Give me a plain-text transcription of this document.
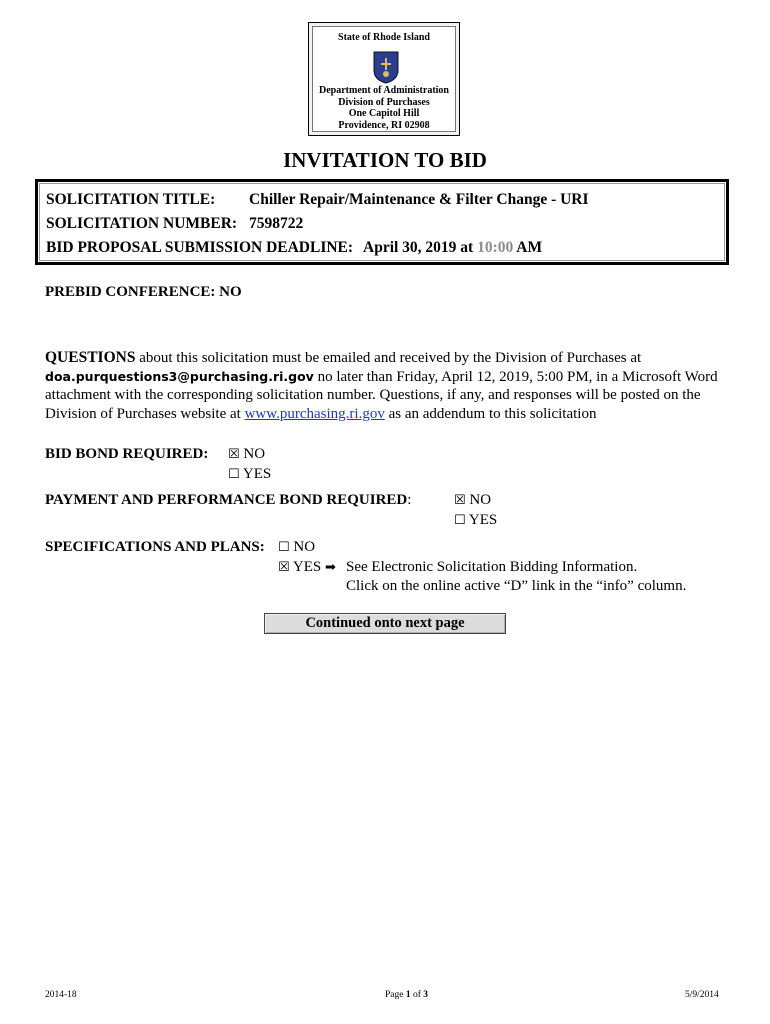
State of Rhode Island
Department of Administration
Division of Purchases
One Capitol Hill
Providence, RI 02908
INVITATION TO BID
SOLICITATION TITLE: Chiller Repair/Maintenance & Filter Change - URI
SOLICITATION NUMBER: 7598722
BID PROPOSAL SUBMISSION DEADLINE: April 30, 2019 at 10:00 AM
PREBID CONFERENCE: NO
QUESTIONS about this solicitation must be emailed and received by the Division of Purchases at
doa.purquestions3@purchasing.ri.gov no later than Friday, April 12, 2019, 5:00 PM, in a Microsoft Word
attachment with the corresponding solicitation number. Questions, if any, and responses will be posted on the
Division of Purchases website at www.purchasing.ri.gov as an addendum to this solicitation
BID BOND REQUIRED: ☒ NO
☐ YES
PAYMENT AND PERFORMANCE BOND REQUIRED:	☒ NO
☐ YES
SPECIFICATIONS AND PLANS: ☐ NO
☒ YES ➡ See Electronic Solicitation Bidding Information.
Click on the online active “D” link in the “info” column.
Continued onto next page
2014-18	Page 1 of 3	5/9/2014
